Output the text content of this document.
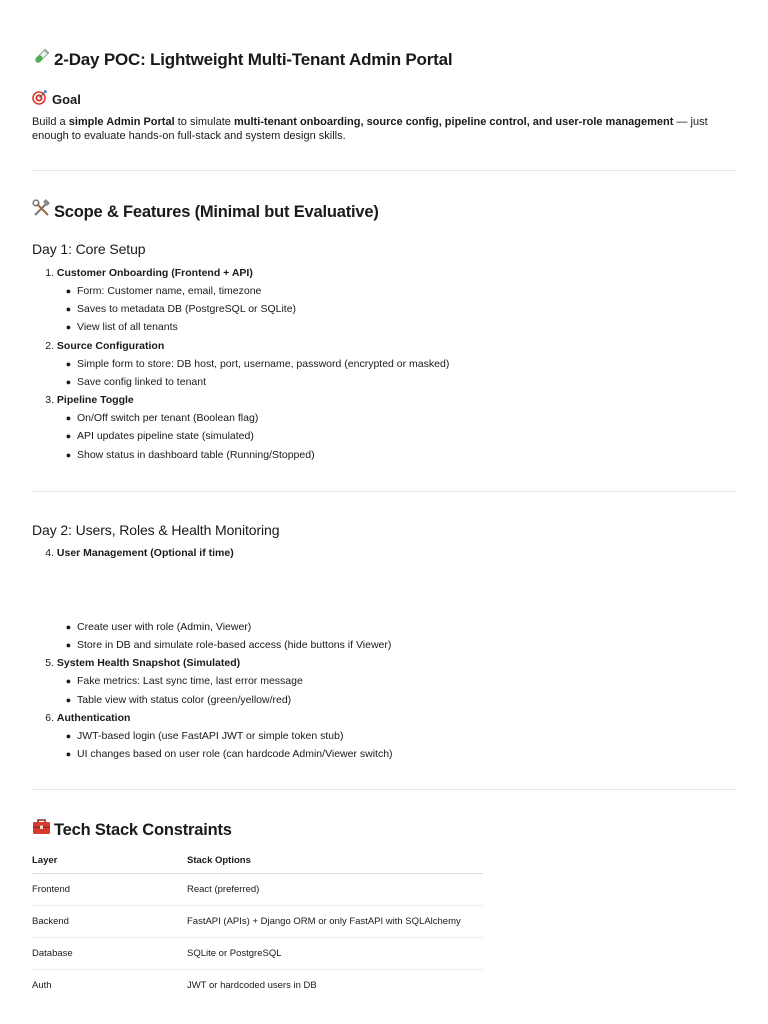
2-Day POC: Lightweight Multi-Tenant Admin Portal
Goal

Build a simple Admin Portal to simulate multi-tenant onboarding, source config, pipeline control, and user-role management — just enough to evaluate hands-on full-stack and system design skills.

Scope & Features (Minimal but Evaluative)
Day 1: Core Setup
1. Customer Onboarding (Frontend + API)
● Form: Customer name, email, timezone
● Saves to metadata DB (PostgreSQL or SQLite)
● View list of all tenants
2. Source Configuration
● Simple form to store: DB host, port, username, password (encrypted or masked)
● Save config linked to tenant
3. Pipeline Toggle
● On/Off switch per tenant (Boolean flag)
● API updates pipeline state (simulated)
● Show status in dashboard table (Running/Stopped)
Day 2: Users, Roles & Health Monitoring
4. User Management (Optional if time)
● Create user with role (Admin, Viewer)
● Store in DB and simulate role-based access (hide buttons if Viewer)
5. System Health Snapshot (Simulated)
● Fake metrics: Last sync time, last error message
● Table view with status color (green/yellow/red)
6. Authentication
● JWT-based login (use FastAPI JWT or simple token stub)
● UI changes based on user role (can hardcode Admin/Viewer switch)
Tech Stack Constraints
Layer	Stack Options
Frontend	React (preferred)
Backend	FastAPI (APIs) + Django ORM or only FastAPI with SQLAlchemy
Database	SQLite or PostgreSQL
Auth	JWT or hardcoded users in DB
